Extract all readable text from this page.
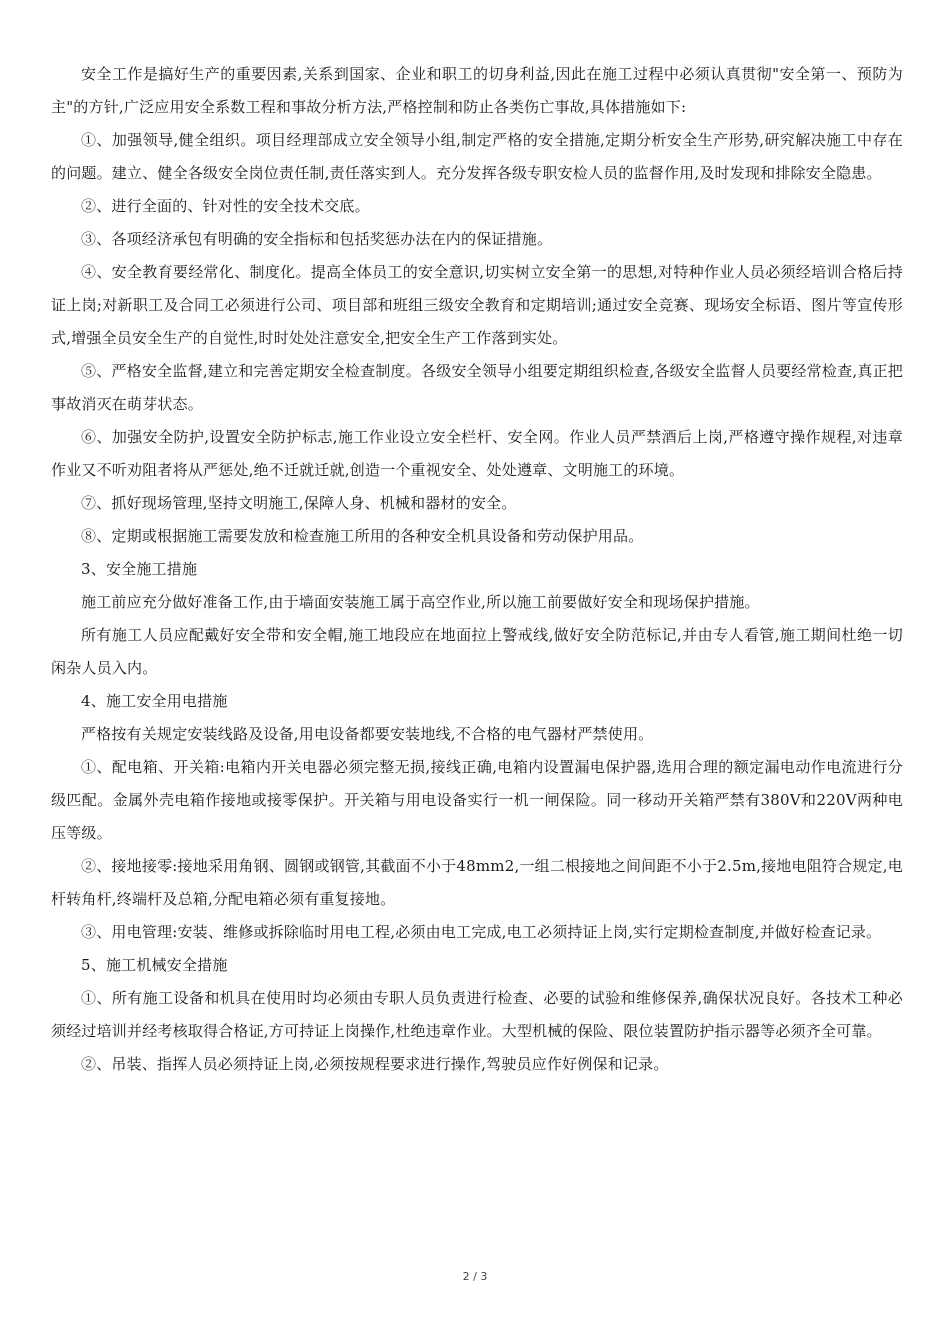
安全工作是搞好生产的重要因素,关系到国家、企业和职工的切身利益,因此在施工过程中必须认真贯彻"安全第一、预防为主"的方针,广泛应用安全系数工程和事故分析方法,严格控制和防止各类伤亡事故,具体措施如下:

①、加强领导,健全组织。项目经理部成立安全领导小组,制定严格的安全措施,定期分析安全生产形势,研究解决施工中存在的问题。建立、健全各级安全岗位责任制,责任落实到人。充分发挥各级专职安检人员的监督作用,及时发现和排除安全隐患。

②、进行全面的、针对性的安全技术交底。

③、各项经济承包有明确的安全指标和包括奖惩办法在内的保证措施。

④、安全教育要经常化、制度化。提高全体员工的安全意识,切实树立安全第一的思想,对特种作业人员必须经培训合格后持证上岗;对新职工及合同工必须进行公司、项目部和班组三级安全教育和定期培训;通过安全竞赛、现场安全标语、图片等宣传形式,增强全员安全生产的自觉性,时时处处注意安全,把安全生产工作落到实处。

⑤、严格安全监督,建立和完善定期安全检查制度。各级安全领导小组要定期组织检查,各级安全监督人员要经常检查,真正把事故消灭在萌芽状态。

⑥、加强安全防护,设置安全防护标志,施工作业设立安全栏杆、安全网。作业人员严禁酒后上岗,严格遵守操作规程,对违章作业又不听劝阻者将从严惩处,绝不迁就迁就,创造一个重视安全、处处遵章、文明施工的环境。

⑦、抓好现场管理,坚持文明施工,保障人身、机械和器材的安全。

⑧、定期或根据施工需要发放和检查施工所用的各种安全机具设备和劳动保护用品。

3、安全施工措施

施工前应充分做好准备工作,由于墙面安装施工属于高空作业,所以施工前要做好安全和现场保护措施。

所有施工人员应配戴好安全带和安全帽,施工地段应在地面拉上警戒线,做好安全防范标记,并由专人看管,施工期间杜绝一切闲杂人员入内。

4、施工安全用电措施

严格按有关规定安装线路及设备,用电设备都要安装地线,不合格的电气器材严禁使用。

①、配电箱、开关箱:电箱内开关电器必须完整无损,接线正确,电箱内设置漏电保护器,选用合理的额定漏电动作电流进行分级匹配。金属外壳电箱作接地或接零保护。开关箱与用电设备实行一机一闸保险。同一移动开关箱严禁有380V和220V两种电压等级。

②、接地接零:接地采用角钢、圆钢或钢管,其截面不小于48mm2,一组二根接地之间间距不小于2.5m,接地电阻符合规定,电杆转角杆,终端杆及总箱,分配电箱必须有重复接地。

③、用电管理:安装、维修或拆除临时用电工程,必须由电工完成,电工必须持证上岗,实行定期检查制度,并做好检查记录。

5、施工机械安全措施

①、所有施工设备和机具在使用时均必须由专职人员负责进行检查、必要的试验和维修保养,确保状况良好。各技术工种必须经过培训并经考核取得合格证,方可持证上岗操作,杜绝违章作业。大型机械的保险、限位装置防护指示器等必须齐全可靠。

②、吊装、指挥人员必须持证上岗,必须按规程要求进行操作,驾驶员应作好例保和记录。

2 / 3
